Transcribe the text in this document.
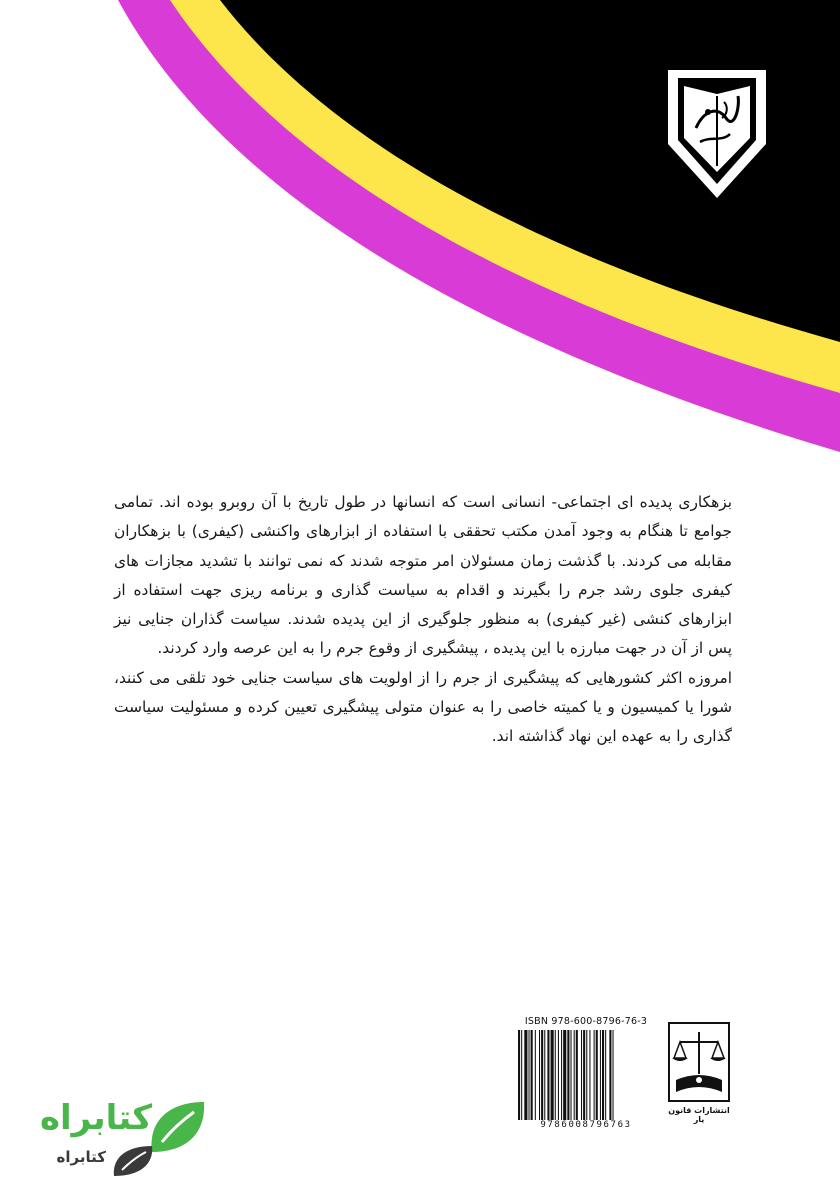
بزهکاری پدیده ای اجتماعی- انسانی است که انسانها در طول تاریخ با آن روبرو بوده اند. تمامی جوامع تا هنگام به وجود آمدن مکتب تحققی با استفاده از ابزارهای واکنشی (کیفری) با بزهکاران مقابله می کردند. با گذشت زمان مسئولان امر متوجه شدند که نمی توانند با تشدید مجازات های کیفری جلوی رشد جرم را بگیرند و اقدام به سیاست گذاری و برنامه ریزی جهت استفاده از ابزارهای کنشی (غیر کیفری) به منظور جلوگیری از این پدیده شدند. سیاست گذاران جنایی نیز پس از آن در جهت مبارزه با این پدیده ، پیشگیری از وقوع جرم را به این عرصه وارد کردند.

امروزه اکثر کشورهایی که پیشگیری از جرم را از اولویت های سیاست جنایی خود تلقی می کنند، شورا یا کمیسیون و یا کمیته خاصی را به عنوان متولی پیشگیری تعیین کرده و مسئولیت سیاست گذاری را به عهده این نهاد گذاشته اند.

ISBN 978-600-8796-76-3
9786008796763
انتشارات قانون یار
کتابراه
کتابراه
